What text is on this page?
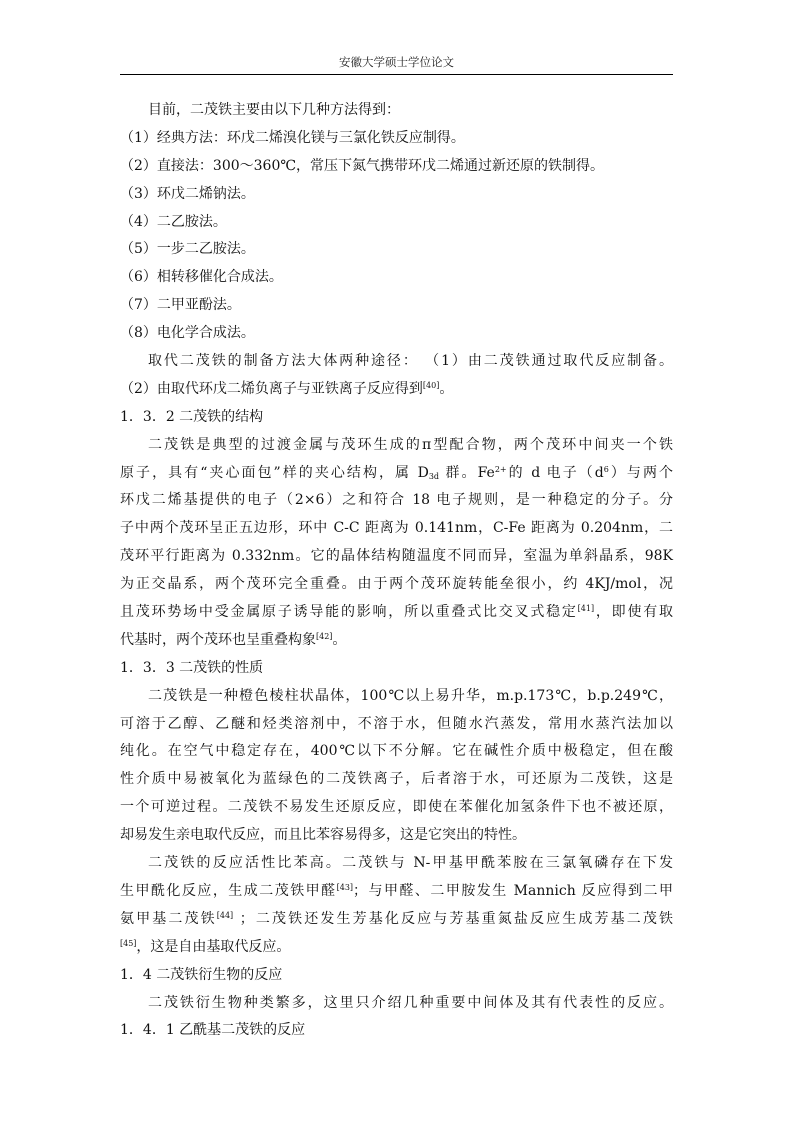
安徽大学硕士学位论文
目前，二茂铁主要由以下几种方法得到：
（1）经典方法：环戊二烯溴化镁与三氯化铁反应制得。
（2）直接法：300～360℃，常压下氮气携带环戊二烯通过新还原的铁制得。
（3）环戊二烯钠法。
（4）二乙胺法。
（5）一步二乙胺法。
（6）相转移催化合成法。
（7）二甲亚酚法。
（8）电化学合成法。
取代二茂铁的制备方法大体两种途径： （1）由二茂铁通过取代反应制备。
（2）由取代环戊二烯负离子与亚铁离子反应得到[40]。
1．3．2 二茂铁的结构
二茂铁是典型的过渡金属与茂环生成的π型配合物，两个茂环中间夹一个铁
原子，具有“夹心面包”样的夹心结构，属 $D_{3d}$ 群。$Fe^{2+}$的 d 电子$(d^6)$与两个
环戊二烯基提供的电子（2×6）之和符合 18 电子规则，是一种稳定的分子。分
子中两个茂环呈正五边形，环中 C-C 距离为 0.141nm，C-Fe 距离为 0.204nm，二
茂环平行距离为 0.332nm。它的晶体结构随温度不同而异，室温为单斜晶系，98K
为正交晶系，两个茂环完全重叠。由于两个茂环旋转能垒很小，约 4KJ/mol，况
且茂环势场中受金属原子诱导能的影响，所以重叠式比交叉式稳定[41]，即使有取
代基时，两个茂环也呈重叠构象[42]。
1．3．3 二茂铁的性质
二茂铁是一种橙色棱柱状晶体，100℃以上易升华，m.p.173℃，b.p.249℃，
可溶于乙醇、乙醚和烃类溶剂中，不溶于水，但随水汽蒸发，常用水蒸汽法加以
纯化。在空气中稳定存在，400℃以下不分解。它在碱性介质中极稳定，但在酸
性介质中易被氧化为蓝绿色的二茂铁离子，后者溶于水，可还原为二茂铁，这是
一个可逆过程。二茂铁不易发生还原反应，即使在苯催化加氢条件下也不被还原，
却易发生亲电取代反应，而且比苯容易得多，这是它突出的特性。
二茂铁的反应活性比苯高。二茂铁与 N-甲基甲酰苯胺在三氯氧磷存在下发
生甲酰化反应，生成二茂铁甲醛[43]；与甲醛、二甲胺发生 Mannich 反应得到二甲
氨甲基二茂铁[44] ；二茂铁还发生芳基化反应与芳基重氮盐反应生成芳基二茂铁
[45]，这是自由基取代反应。
1．4 二茂铁衍生物的反应
二茂铁衍生物种类繁多，这里只介绍几种重要中间体及其有代表性的反应。
1．4．1 乙酰基二茂铁的反应
